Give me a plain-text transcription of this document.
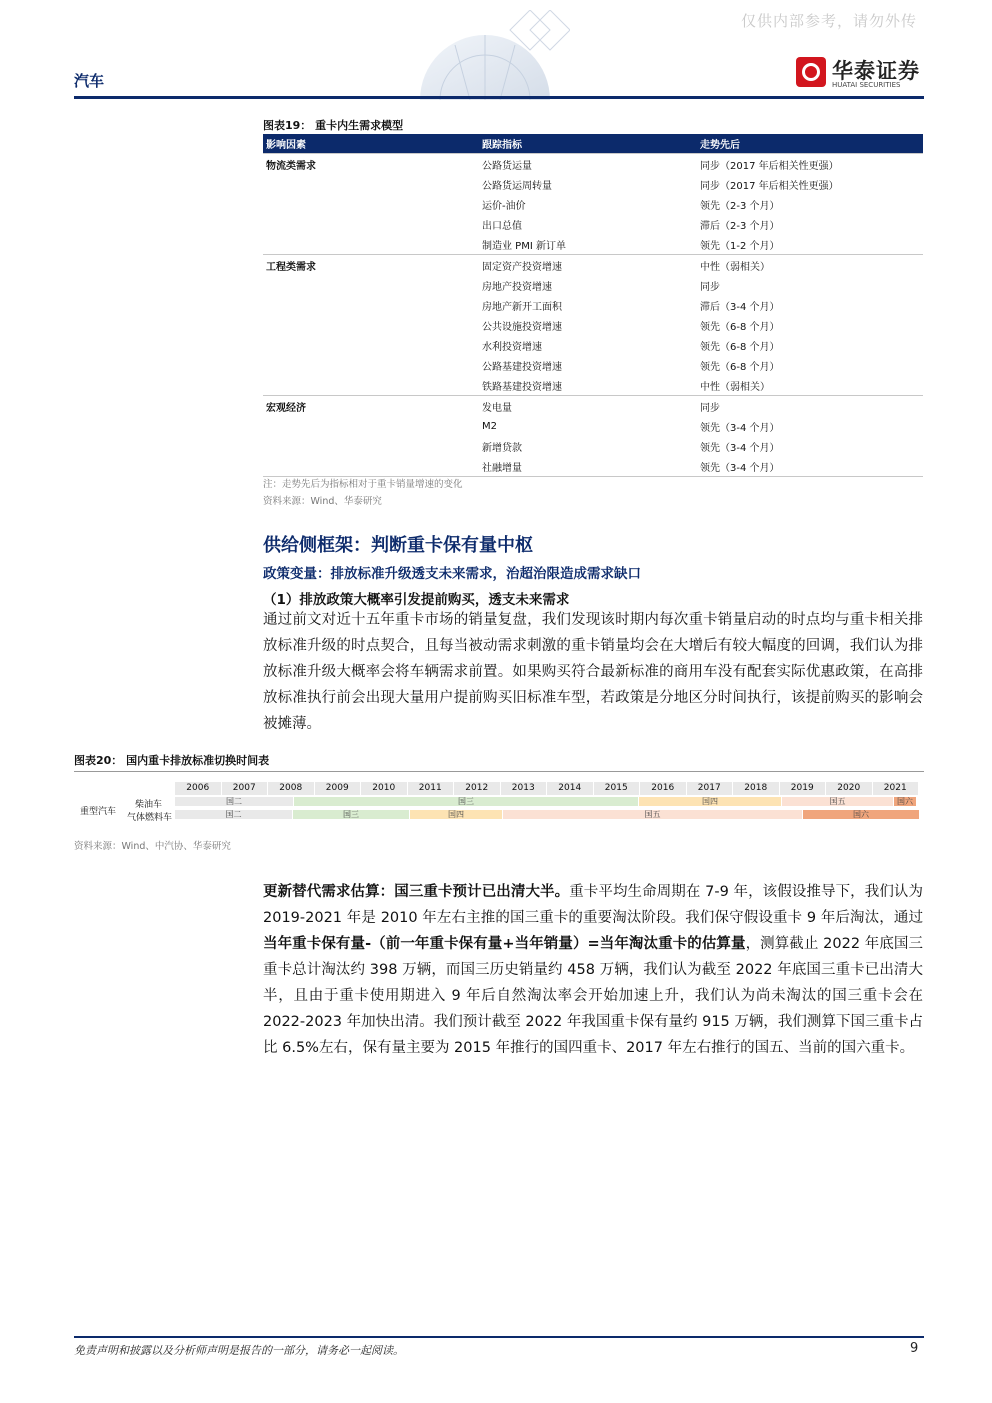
仅供内部参考，请勿外传
汽车	华泰证券
HUATAI SECURITIES
图表19： 重卡内生需求模型
影响因素	跟踪指标	走势先后
物流类需求	公路货运量	同步（2017 年后相关性更强）
	公路货运周转量	同步（2017 年后相关性更强）
	运价-油价	领先（2-3 个月）
	出口总值	滞后（2-3 个月）
	制造业 PMI 新订单	领先（1-2 个月）
工程类需求	固定资产投资增速	中性（弱相关）
	房地产投资增速	同步
	房地产新开工面积	滞后（3-4 个月）
	公共设施投资增速	领先（6-8 个月）
	水利投资增速	领先（6-8 个月）
	公路基建投资增速	领先（6-8 个月）
	铁路基建投资增速	中性（弱相关）
宏观经济	发电量	同步
	M2	领先（3-4 个月）
	新增贷款	领先（3-4 个月）
	社融增量	领先（3-4 个月）
注：走势先后为指标相对于重卡销量增速的变化
资料来源：Wind、华泰研究
供给侧框架：判断重卡保有量中枢
政策变量：排放标准升级透支未来需求，治超治限造成需求缺口
（1）排放政策大概率引发提前购买，透支未来需求
通过前文对近十五年重卡市场的销量复盘，我们发现该时期内每次重卡销量启动的时点均与重卡相关排放标准升级的时点契合，且每当被动需求刺激的重卡销量均会在大增后有较大幅度的回调，我们认为排放标准升级大概率会将车辆需求前置。如果购买符合最新标准的商用车没有配套实际优惠政策，在高排放标准执行前会出现大量用户提前购买旧标准车型，若政策是分地区分时间执行，该提前购买的影响会被摊薄。
图表20： 国内重卡排放标准切换时间表
2006	2007	2008	2009	2010	2011	2012	2013	2014	2015	2016	2017	2018	2019	2020	2021
重型汽车
柴油车
气体燃料车
国二	国三	国四	国五	国六
国二	国三	国四	国五	国六
资料来源：Wind、中汽协、华泰研究
更新替代需求估算：国三重卡预计已出清大半。重卡平均生命周期在 7-9 年，该假设推导下，我们认为 2019-2021 年是 2010 年左右主推的国三重卡的重要淘汰阶段。我们保守假设重卡 9 年后淘汰，通过当年重卡保有量-（前一年重卡保有量+当年销量）=当年淘汰重卡的估算量，测算截止 2022 年底国三重卡总计淘汰约 398 万辆，而国三历史销量约 458 万辆，我们认为截至 2022 年底国三重卡已出清大半，且由于重卡使用期进入 9 年后自然淘汰率会开始加速上升，我们认为尚未淘汰的国三重卡会在 2022-2023 年加快出清。我们预计截至 2022 年我国重卡保有量约 915 万辆，我们测算下国三重卡占比 6.5%左右，保有量主要为 2015 年推行的国四重卡、2017 年左右推行的国五、当前的国六重卡。
免责声明和披露以及分析师声明是报告的一部分，请务必一起阅读。	9
